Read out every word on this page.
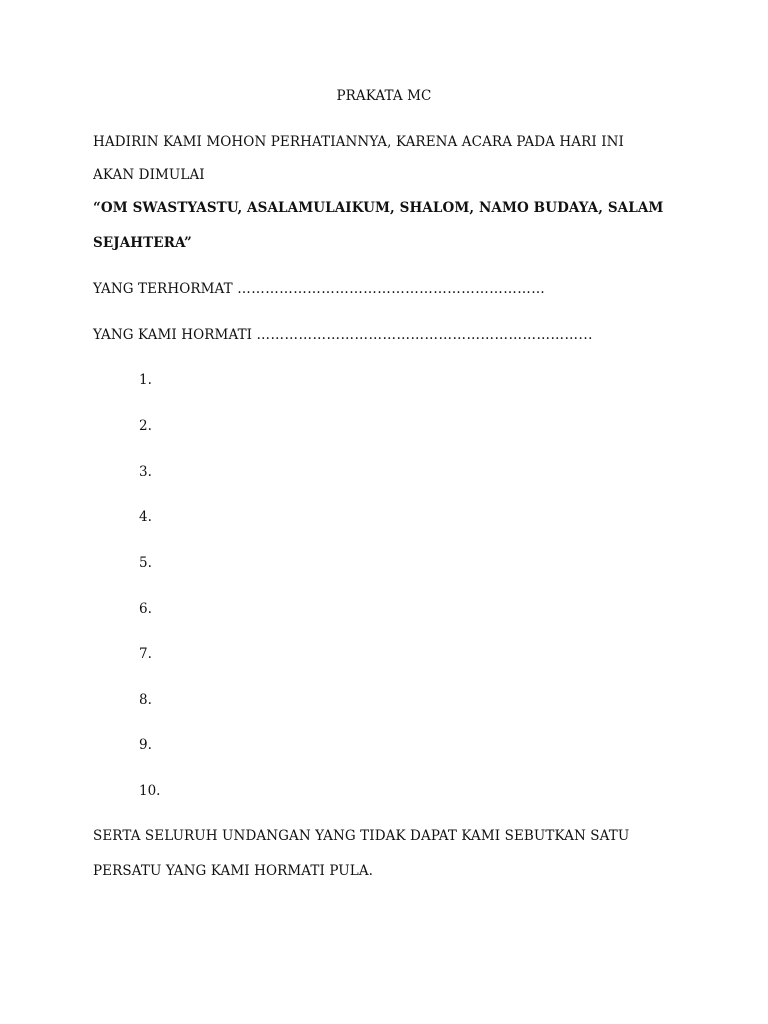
PRAKATA MC
HADIRIN KAMI MOHON PERHATIANNYA, KARENA ACARA PADA HARI INI
AKAN DIMULAI
“OM SWASTYASTU, ASALAMULAIKUM, SHALOM, NAMO BUDAYA, SALAM
SEJAHTERA”
YANG TERHORMAT …………………………………………………………
YANG KAMI HORMATI ……………………………………………………………...
1.
2.
3.
4.
5.
6.
7.
8.
9.
10.
SERTA SELURUH UNDANGAN YANG TIDAK DAPAT KAMI SEBUTKAN SATU
PERSATU YANG KAMI HORMATI PULA.
